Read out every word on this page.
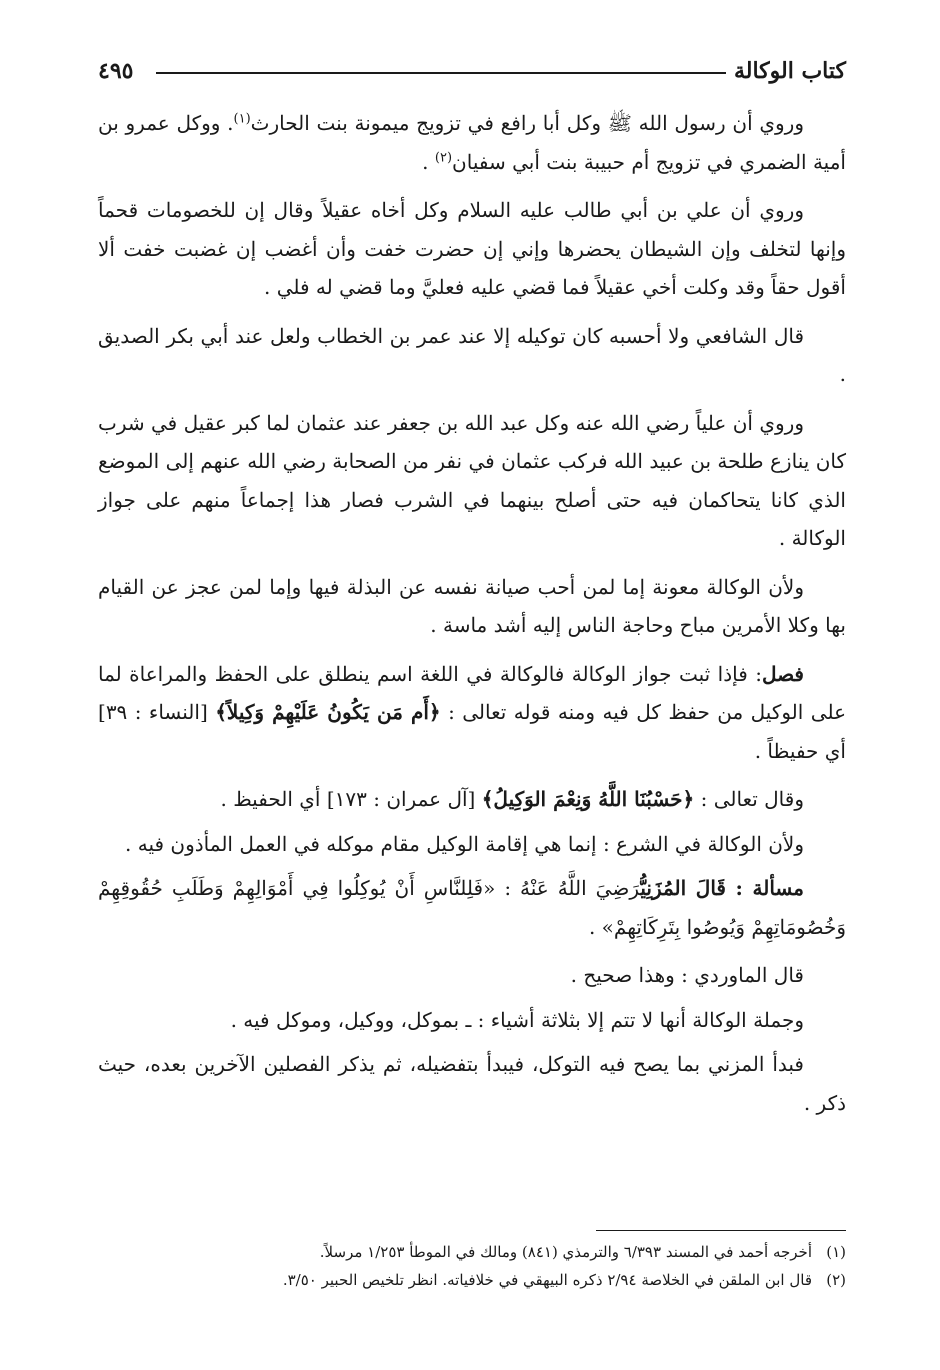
كتاب الوكالة
٤٩٥

وروي أن رسول الله ﷺ وكل أبا رافع في تزويج ميمونة بنت الحارث$^{(١)}$. ووكل عمرو بن أمية الضمري في تزويج أم حبيبة بنت أبي سفيان$^{(٢)}$ .

وروي أن علي بن أبي طالب عليه السلام وكل أخاه عقيلاً وقال إن للخصومات قحماً وإنها لتخلف وإن الشيطان يحضرها وإني إن حضرت خفت وأن أغضب إن غضبت خفت ألا أقول حقاً وقد وكلت أخي عقيلاً فما قضي عليه فعليَّ وما قضي له فلي .

قال الشافعي ولا أحسبه كان توكيله إلا عند عمر بن الخطاب ولعل عند أبي بكر الصديق .

وروي أن علياً رضي الله عنه وكل عبد الله بن جعفر عند عثمان لما كبر عقيل في شرب كان ينازع طلحة بن عبيد الله فركب عثمان في نفر من الصحابة رضي الله عنهم إلى الموضع الذي كانا يتحاكمان فيه حتى أصلح بينهما في الشرب فصار هذا إجماعاً منهم على جواز الوكالة .

ولأن الوكالة معونة إما لمن أحب صيانة نفسه عن البذلة فيها وإما لمن عجز عن القيام بها وكلا الأمرين مباح وحاجة الناس إليه أشد ماسة .

فصل: فإذا ثبت جواز الوكالة فالوكالة في اللغة اسم ينطلق على الحفظ والمراعاة لما على الوكيل من حفظ كل فيه ومنه قوله تعالى : ﴿أَم مَن يَكُونُ عَلَيْهِمْ وَكِيلاً﴾ [النساء : ٣٩] أي حفيظاً .

وقال تعالى : ﴿حَسْبُنَا اللَّهُ وَنِعْمَ الوَكِيلُ﴾ [آل عمران : ١٧٣] أي الحفيظ .

ولأن الوكالة في الشرع : إنما هي إقامة الوكيل مقام موكله في العمل المأذون فيه .

مسألة : قَالَ المُزَنِيُّرَضِيَ اللَّهُ عَنْهُ : «فَلِلنَّاسِ أَنْ يُوكِلُوا فِي أَمْوَالِهِمْ وَطَلَبِ حُقُوقِهِمْ وَخُصُومَاتِهِمْ وَيُوصُوا بِتَرِكَاتِهِمْ» .

قال الماوردي : وهذا صحيح .

وجملة الوكالة أنها لا تتم إلا بثلاثة أشياء : ـ بموكل، ووكيل، وموكل فيه .

فبدأ المزني بما يصح فيه التوكل، فيبدأ بتفضيله، ثم يذكر الفصلين الآخرين بعده، حيث ذكر .

(١)أخرجه أحمد في المسند ٦/٣٩٣ والترمذي (٨٤١) ومالك في الموطأ ١/٢٥٣ مرسلاً.

(٢)قال ابن الملقن في الخلاصة ٢/٩٤ ذكره البيهقي في خلافياته. انظر تلخيص الحبير ٣/٥٠.
